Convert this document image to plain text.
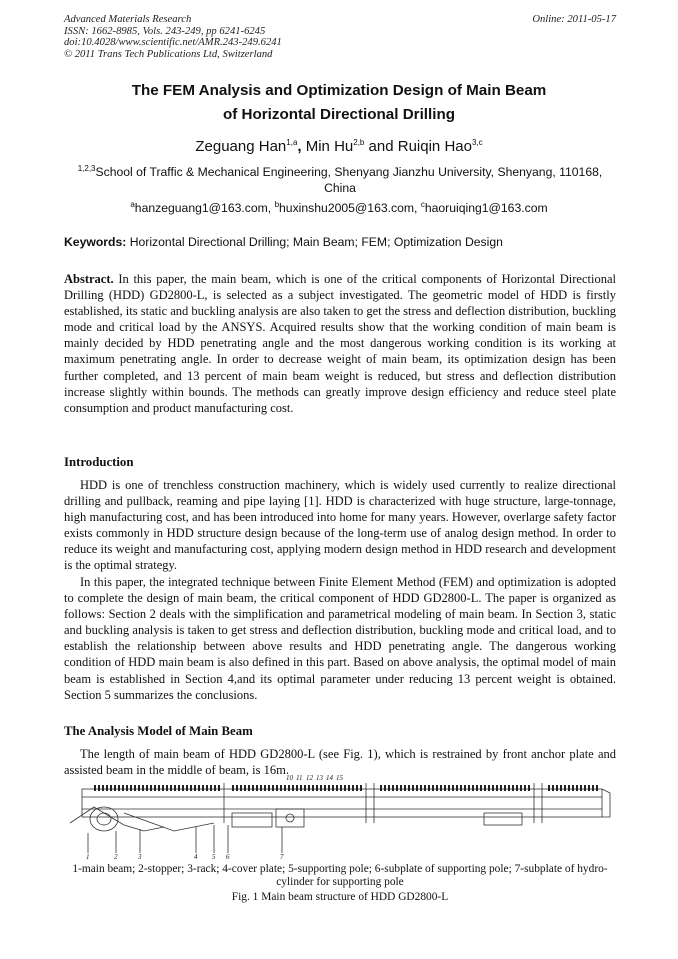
Advanced Materials Research
ISSN: 1662-8985, Vols. 243-249, pp 6241-6245
doi:10.4028/www.scientific.net/AMR.243-249.6241
© 2011 Trans Tech Publications Ltd, Switzerland
Online: 2011-05-17
The FEM Analysis and Optimization Design of Main Beam
of Horizontal Directional Drilling
Zeguang Han$^{1,a}$, Min Hu$^{2,b}$ and Ruiqin Hao$^{3,c}$
$^{1,2,3}$School of Traffic & Mechanical Engineering, Shenyang Jianzhu University, Shenyang, 110168, China
$^a$hanzeguang1@163.com, $^b$huxinshu2005@163.com, $^c$haoruiqing1@163.com
Keywords: Horizontal Directional Drilling; Main Beam; FEM; Optimization Design
Abstract. In this paper, the main beam, which is one of the critical components of Horizontal Directional Drilling (HDD) GD2800-L, is selected as a subject investigated. The geometric model of HDD is firstly established, its static and buckling analysis are also taken to get the stress and deflection distribution, buckling mode and critical load by the ANSYS. Acquired results show that the working condition of main beam is mainly decided by HDD penetrating angle and the most dangerous working condition is its working at maximum penetrating angle. In order to decrease weight of main beam, its optimization design has been further completed, and 13 percent of main beam weight is reduced, but stress and deflection distribution increase slightly within bounds. The methods can greatly improve design efficiency and reduce steel plate consumption and product manufacturing cost.
Introduction
HDD is one of trenchless construction machinery, which is widely used currently to realize directional drilling and pullback, reaming and pipe laying [1]. HDD is characterized with huge structure, large-tonnage, high manufacturing cost, and has been introduced into home for many years. However, overlarge safety factor exists commonly in HDD structure design because of the long-term use of analog design method. In order to reduce its weight and manufacturing cost, applying modern design method in HDD research and development is the optimal strategy.
In this paper, the integrated technique between Finite Element Method (FEM) and optimization is adopted to complete the design of main beam, the critical component of HDD GD2800-L. The paper is organized as follows: Section 2 deals with the simplification and parametrical modeling of main beam. In Section 3, static and buckling analysis is taken to get stress and deflection distribution, buckling mode and critical load, and to establish the relationship between above results and HDD penetrating angle. The dangerous working condition of HDD main beam is also defined in this part. Based on above analysis, the optimal model of main beam is established in Section 4,and its optimal parameter under reducing 13 percent weight is obtained. Section 5 summarizes the conclusions.
The Analysis Model of Main Beam
The length of main beam of HDD GD2800-L (see Fig. 1), which is restrained by front anchor plate and assisted beam in the middle of beam, is 16m.
10 11 12 13 14 15
1	2	3	4 5 6	7
1-main beam; 2-stopper; 3-rack; 4-cover plate; 5-supporting pole; 6-subplate of supporting pole; 7-subplate of hydro-cylinder for supporting pole
Fig. 1 Main beam structure of HDD GD2800-L
